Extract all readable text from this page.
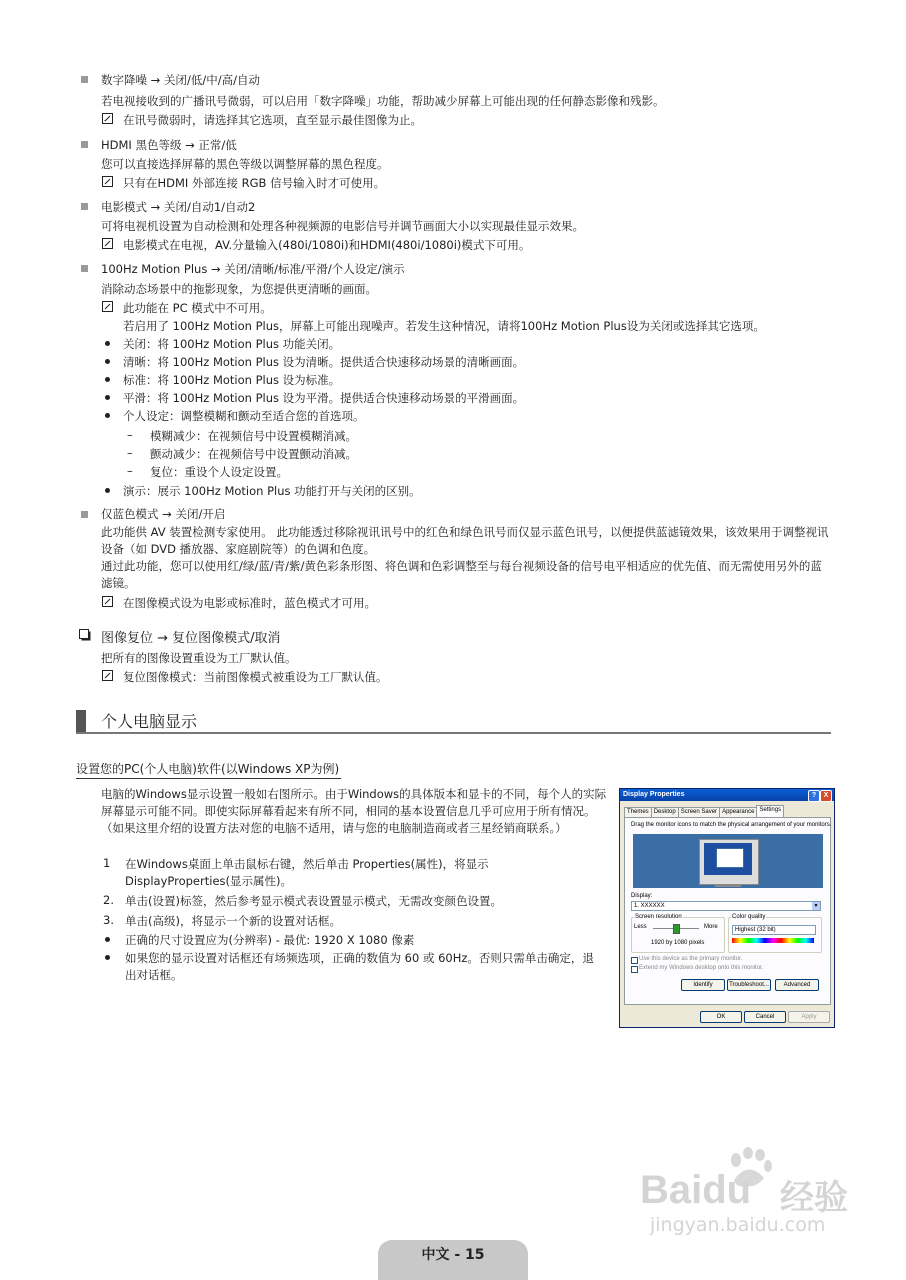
数字降噪 → 关闭/低/中/高/自动
若电视接收到的广播讯号微弱，可以启用「数字降噪」功能，帮助减少屏幕上可能出现的任何静态影像和残影。
在讯号微弱时，请选择其它选项，直至显示最佳图像为止。
HDMI 黑色等级 → 正常/低
您可以直接选择屏幕的黑色等级以调整屏幕的黑色程度。
只有在HDMI 外部连接 RGB 信号输入时才可使用。
电影模式 → 关闭/自动1/自动2
可将电视机设置为自动检测和处理各种视频源的电影信号并调节画面大小以实现最佳显示效果。
电影模式在电视，AV.分量输入(480i/1080i)和HDMI(480i/1080i)模式下可用。
100Hz Motion Plus → 关闭/清晰/标准/平滑/个人设定/演示
消除动态场景中的拖影现象，为您提供更清晰的画面。
此功能在 PC 模式中不可用。
若启用了 100Hz Motion Plus，屏幕上可能出现噪声。若发生这种情况，请将100Hz Motion Plus设为关闭或选择其它选项。
关闭：将 100Hz Motion Plus 功能关闭。
清晰：将 100Hz Motion Plus 设为清晰。提供适合快速移动场景的清晰画面。
标准：将 100Hz Motion Plus 设为标准。
平滑：将 100Hz Motion Plus 设为平滑。提供适合快速移动场景的平滑画面。
个人设定：调整模糊和颤动至适合您的首选项。
– 模糊减少：在视频信号中设置模糊消减。
– 颤动减少：在视频信号中设置颤动消减。
– 复位：重设个人设定设置。
演示：展示 100Hz Motion Plus 功能打开与关闭的区别。
仅蓝色模式 → 关闭/开启
此功能供 AV 装置检测专家使用。 此功能透过移除视讯讯号中的红色和绿色讯号而仅显示蓝色讯号，以便提供蓝滤镜效果，该效果用于调整视讯设备（如 DVD 播放器、家庭剧院等）的色调和色度。
通过此功能，您可以使用红/绿/蓝/青/紫/黄色彩条形图、将色调和色彩调整至与每台视频设备的信号电平相适应的优先值、而无需使用另外的蓝滤镜。
在图像模式设为电影或标准时，蓝色模式才可用。
图像复位 → 复位图像模式/取消
把所有的图像设置重设为工厂默认值。
复位图像模式：当前图像模式被重设为工厂默认值。
个人电脑显示
设置您的PC(个人电脑)软件(以Windows XP为例)
电脑的Windows显示设置一般如右图所示。由于Windows的具体版本和显卡的不同，每个人的实际屏幕显示可能不同。即使实际屏幕看起来有所不同，相同的基本设置信息几乎可应用于所有情况。（如果这里介绍的设置方法对您的电脑不适用，请与您的电脑制造商或者三星经销商联系。）
1 在Windows桌面上单击鼠标右键，然后单击 Properties(属性)，将显示 DisplayProperties(显示属性)。
2. 单击(设置)标签，然后参考显示模式表设置显示模式，无需改变颜色设置。
3. 单击(高级)，将显示一个新的设置对话框。
正确的尺寸设置应为(分辨率) - 最优: 1920 X 1080 像素
如果您的显示设置对话框还有场频选项，正确的数值为 60 或 60Hz。否则只需单击确定，退出对话框。
Display Properties	?	X
Themes Desktop Screen Saver Appearance Settings
Drag the monitor icons to match the physical arrangement of your monitors.
Display:
1. XXXXXX	▼
Screen resolution
Less	More
1920 by 1080 pixels
Color quality
Highest (32 bit)
Use this device as the primary monitor.
Extend my Windows desktop onto this monitor.
Identify	Troubleshoot...	Advanced
OK	Cancel	Apply
Baidu 经验
jingyan.baidu.com
中文 - 15
